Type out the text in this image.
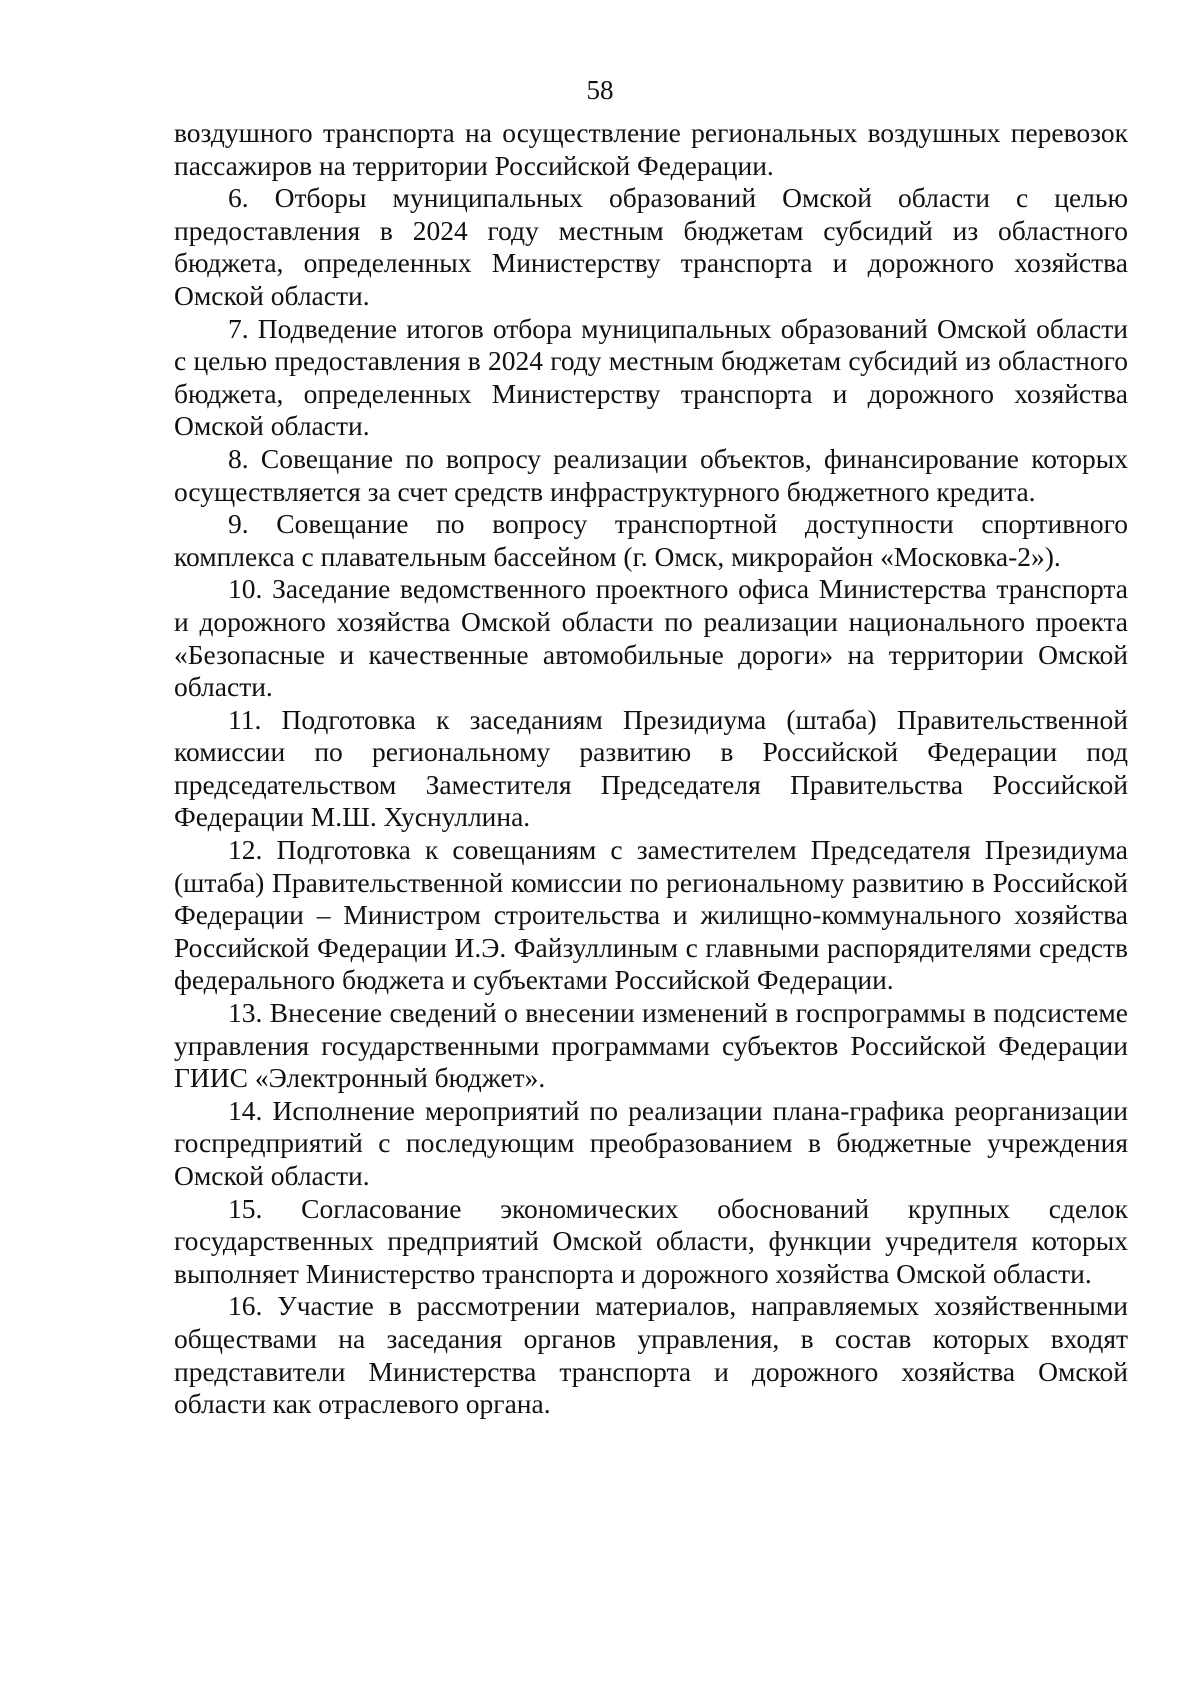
58

воздушного транспорта на осуществление региональных воздушных перевозок пассажиров на территории Российской Федерации.

6. Отборы муниципальных образований Омской области с целью предоставления в 2024 году местным бюджетам субсидий из областного бюджета, определенных Министерству транспорта и дорожного хозяйства Омской области.

7. Подведение итогов отбора муниципальных образований Омской области с целью предоставления в 2024 году местным бюджетам субсидий из областного бюджета, определенных Министерству транспорта и дорожного хозяйства Омской области.

8. Совещание по вопросу реализации объектов, финансирование которых осуществляется за счет средств инфраструктурного бюджетного кредита.

9. Совещание по вопросу транспортной доступности спортивного комплекса с плавательным бассейном (г. Омск, микрорайон «Московка-2»).

10. Заседание ведомственного проектного офиса Министерства транспорта и дорожного хозяйства Омской области по реализации национального проекта «Безопасные и качественные автомобильные дороги» на территории Омской области.

11. Подготовка к заседаниям Президиума (штаба) Правительственной комиссии по региональному развитию в Российской Федерации под председательством Заместителя Председателя Правительства Российской Федерации М.Ш. Хуснуллина.

12. Подготовка к совещаниям с заместителем Председателя Президиума (штаба) Правительственной комиссии по региональному развитию в Российской Федерации – Министром строительства и жилищно-коммунального хозяйства Российской Федерации И.Э. Файзуллиным с главными распорядителями средств федерального бюджета и субъектами Российской Федерации.

13. Внесение сведений о внесении изменений в госпрограммы в подсистеме управления государственными программами субъектов Российской Федерации ГИИС «Электронный бюджет».

14. Исполнение мероприятий по реализации плана-графика реорганизации госпредприятий с последующим преобразованием в бюджетные учреждения Омской области.

15. Согласование экономических обоснований крупных сделок государственных предприятий Омской области, функции учредителя которых выполняет Министерство транспорта и дорожного хозяйства Омской области.

16. Участие в рассмотрении материалов, направляемых хозяйственными обществами на заседания органов управления, в состав которых входят представители Министерства транспорта и дорожного хозяйства Омской области как отраслевого органа.
